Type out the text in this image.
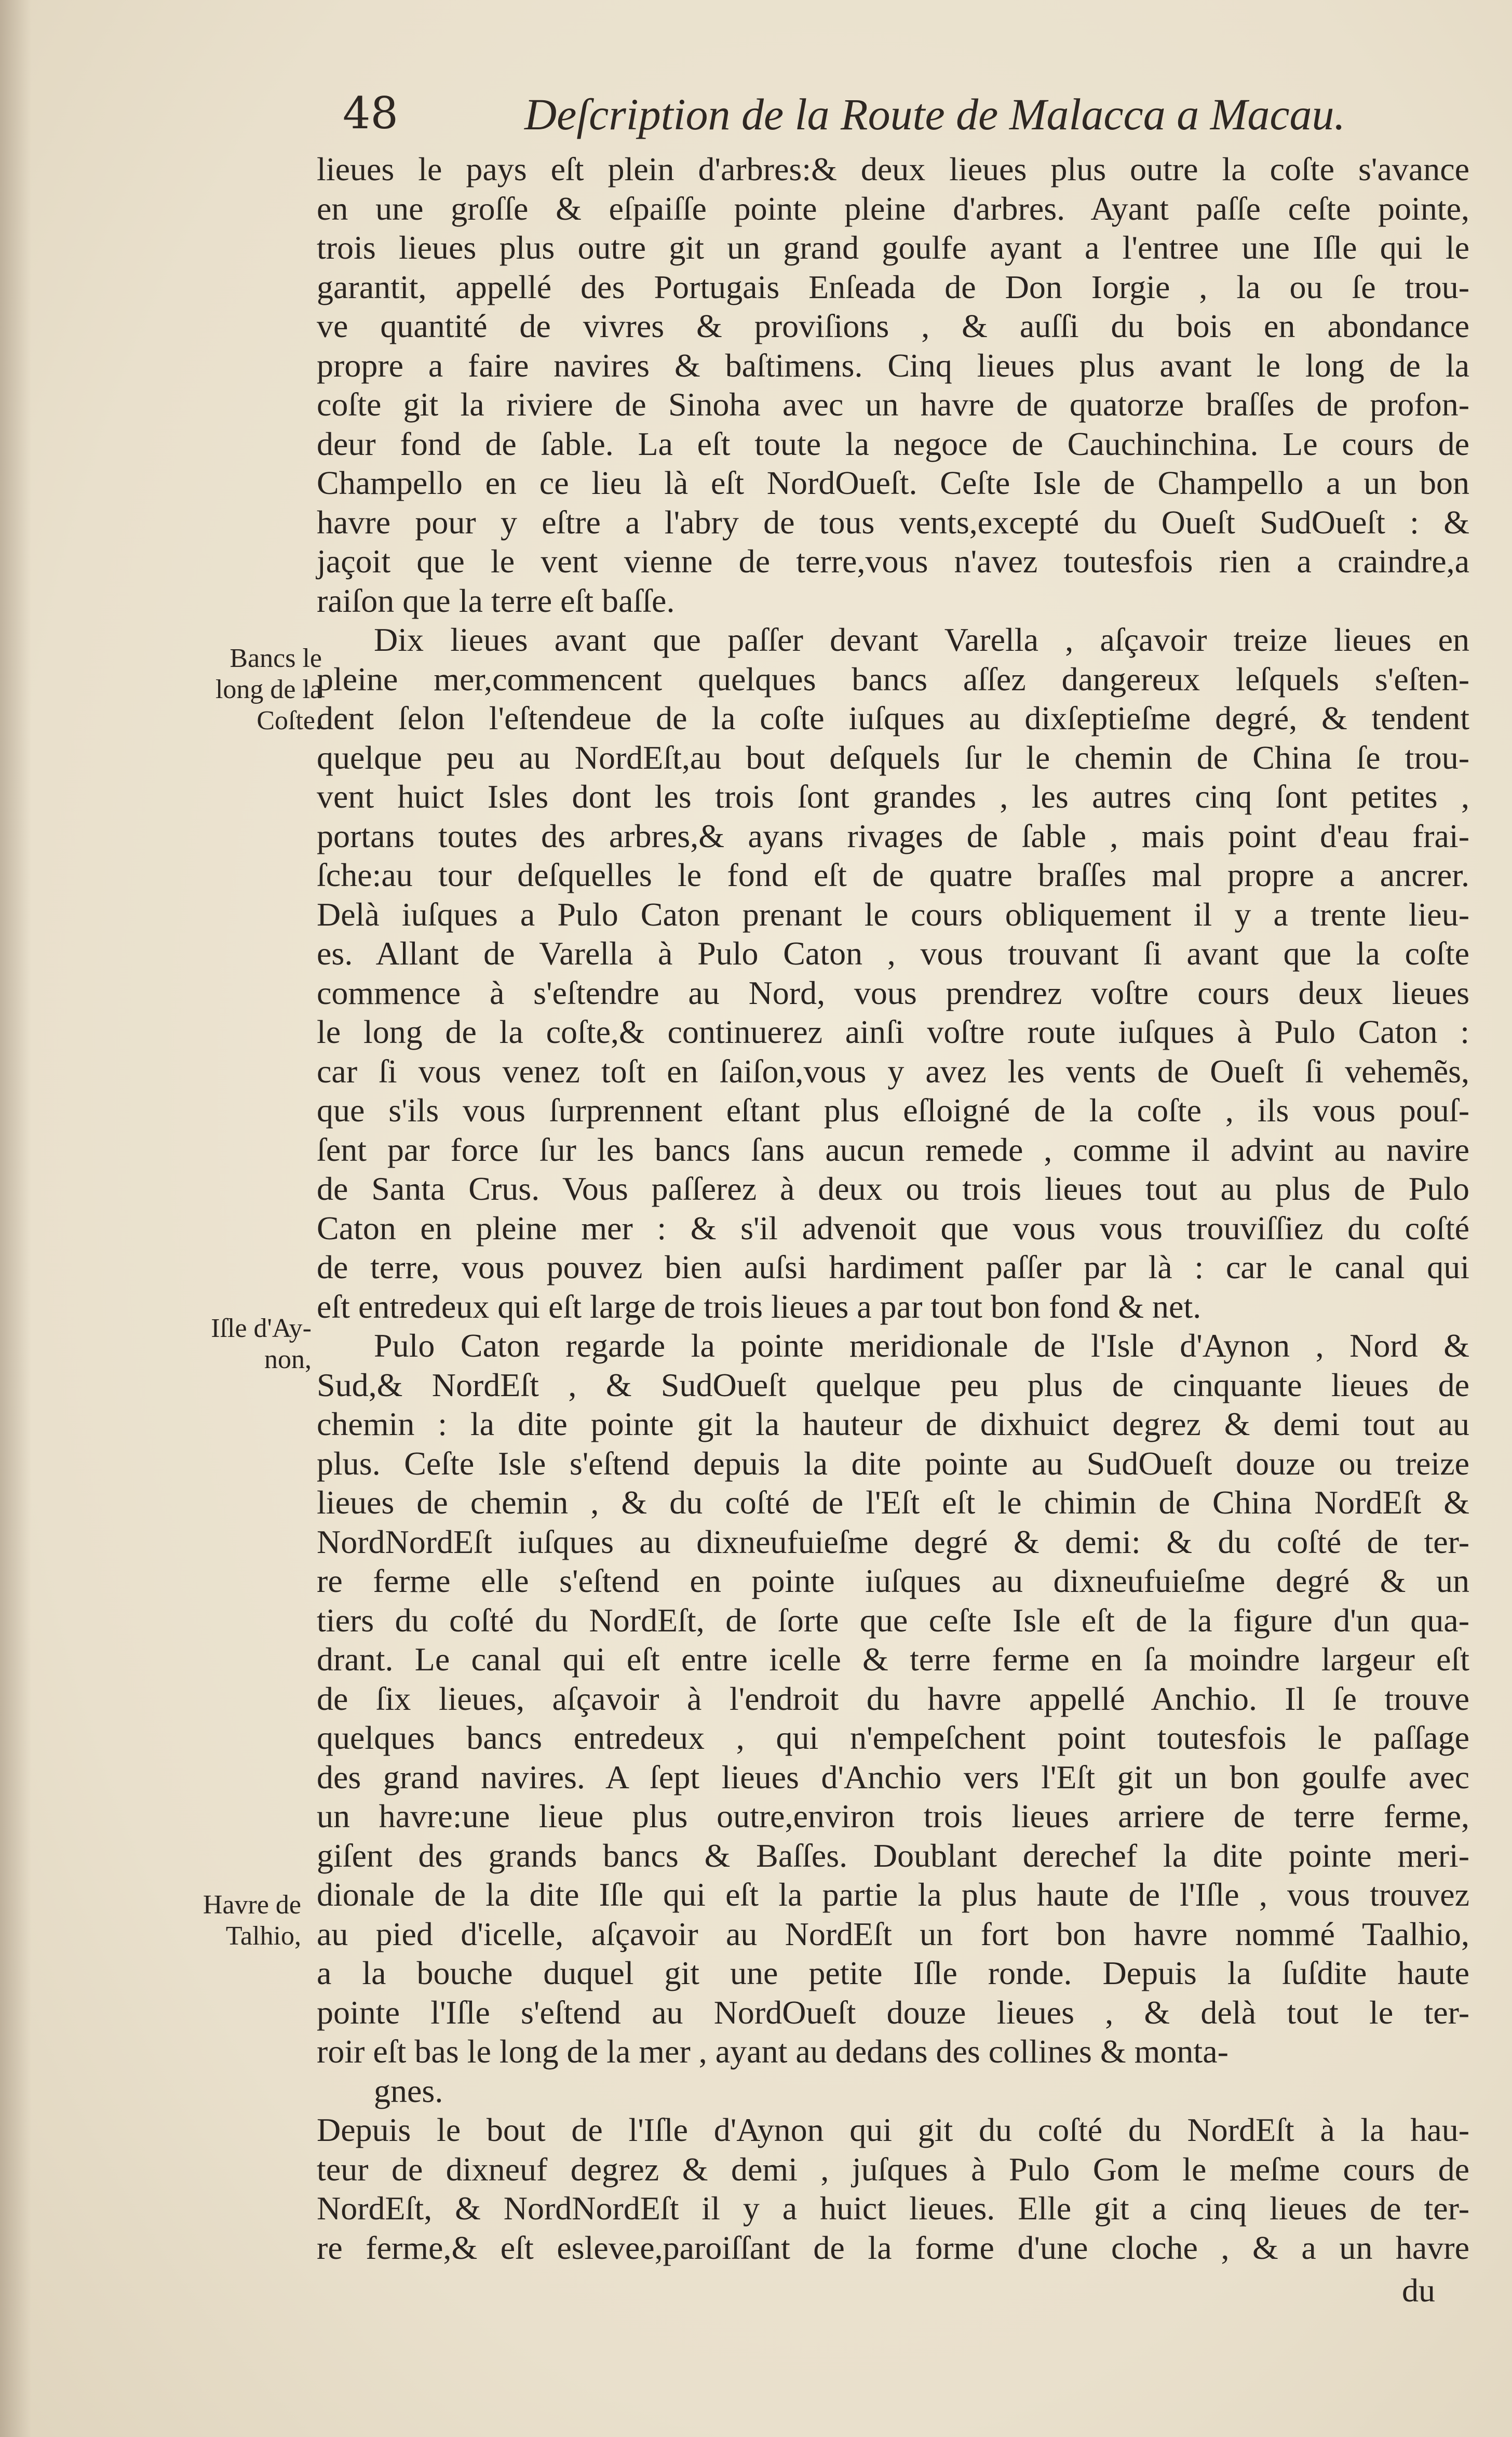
48	Deſcription de la Route de Malacca a Macau.
Bancs le
long de la
Coſte.
Iſle d'Ay-
non,
Havre de
Talhio,
lieues le pays eſt plein d'arbres:& deux lieues plus outre la coſte s'avance
en une groſſe & eſpaiſſe pointe pleine d'arbres. Ayant paſſe ceſte pointe,
trois lieues plus outre git un grand goulfe ayant a l'entree une Iſle qui le
garantit, appellé des Portugais Enſeada de Don Iorgie , la ou ſe trou-
ve quantité de vivres & proviſions , & auſſi du bois en abondance
propre a faire navires & baſtimens. Cinq lieues plus avant le long de la
coſte git la riviere de Sinoha avec un havre de quatorze braſſes de profon-
deur fond de ſable. La eſt toute la negoce de Cauchinchina. Le cours de
Champello en ce lieu là eſt NordOueſt. Ceſte Isle de Champello a un bon
havre pour y eſtre a l'abry de tous vents,excepté du Oueſt SudOueſt : &
jaçoit que le vent vienne de terre,vous n'avez toutesfois rien a craindre,a
raiſon que la terre eſt baſſe.
Dix lieues avant que paſſer devant Varella , aſçavoir treize lieues en
pleine mer,commencent quelques bancs aſſez dangereux leſquels s'eſten-
dent ſelon l'eſtendeue de la coſte iuſques au dixſeptieſme degré, & tendent
quelque peu au NordEſt,au bout deſquels ſur le chemin de China ſe trou-
vent huict Isles dont les trois ſont grandes , les autres cinq ſont petites ,
portans toutes des arbres,& ayans rivages de ſable , mais point d'eau frai-
ſche:au tour deſquelles le fond eſt de quatre braſſes mal propre a ancrer.
Delà iuſques a Pulo Caton prenant le cours obliquement il y a trente lieu-
es. Allant de Varella à Pulo Caton , vous trouvant ſi avant que la coſte
commence à s'eſtendre au Nord, vous prendrez voſtre cours deux lieues
le long de la coſte,& continuerez ainſi voſtre route iuſques à Pulo Caton :
car ſi vous venez toſt en ſaiſon,vous y avez les vents de Oueſt ſi vehemẽs,
que s'ils vous ſurprennent eſtant plus eſloigné de la coſte , ils vous pouſ-
ſent par force ſur les bancs ſans aucun remede , comme il advint au navire
de Santa Crus. Vous paſſerez à deux ou trois lieues tout au plus de Pulo
Caton en pleine mer : & s'il advenoit que vous vous trouviſſiez du coſté
de terre, vous pouvez bien auſsi hardiment paſſer par là : car le canal qui
eſt entredeux qui eſt large de trois lieues a par tout bon fond & net.
Pulo Caton regarde la pointe meridionale de l'Isle d'Aynon , Nord &
Sud,& NordEſt , & SudOueſt quelque peu plus de cinquante lieues de
chemin : la dite pointe git la hauteur de dixhuict degrez & demi tout au
plus. Ceſte Isle s'eſtend depuis la dite pointe au SudOueſt douze ou treize
lieues de chemin , & du coſté de l'Eſt eſt le chimin de China NordEſt &
NordNordEſt iuſques au dixneufuieſme degré & demi: & du coſté de ter-
re ferme elle s'eſtend en pointe iuſques au dixneufuieſme degré & un
tiers du coſté du NordEſt, de ſorte que ceſte Isle eſt de la figure d'un qua-
drant. Le canal qui eſt entre icelle & terre ferme en ſa moindre largeur eſt
de ſix lieues, aſçavoir à l'endroit du havre appellé Anchio. Il ſe trouve
quelques bancs entredeux , qui n'empeſchent point toutesfois le paſſage
des grand navires. A ſept lieues d'Anchio vers l'Eſt git un bon goulfe avec
un havre:une lieue plus outre,environ trois lieues arriere de terre ferme,
giſent des grands bancs & Baſſes. Doublant derechef la dite pointe meri-
dionale de la dite Iſle qui eſt la partie la plus haute de l'Iſle , vous trouvez
au pied d'icelle, aſçavoir au NordEſt un fort bon havre nommé Taalhio,
a la bouche duquel git une petite Iſle ronde. Depuis la ſuſdite haute
pointe l'Iſle s'eſtend au NordOueſt douze lieues , & delà tout le ter-
roir eſt bas le long de la mer , ayant au dedans des collines & monta-
gnes.
Depuis le bout de l'Iſle d'Aynon qui git du coſté du NordEſt à la hau-
teur de dixneuf degrez & demi , juſques à Pulo Gom le meſme cours de
NordEſt, & NordNordEſt il y a huict lieues. Elle git a cinq lieues de ter-
re ferme,& eſt eslevee,paroiſſant de la forme d'une cloche , & a un havre
du
